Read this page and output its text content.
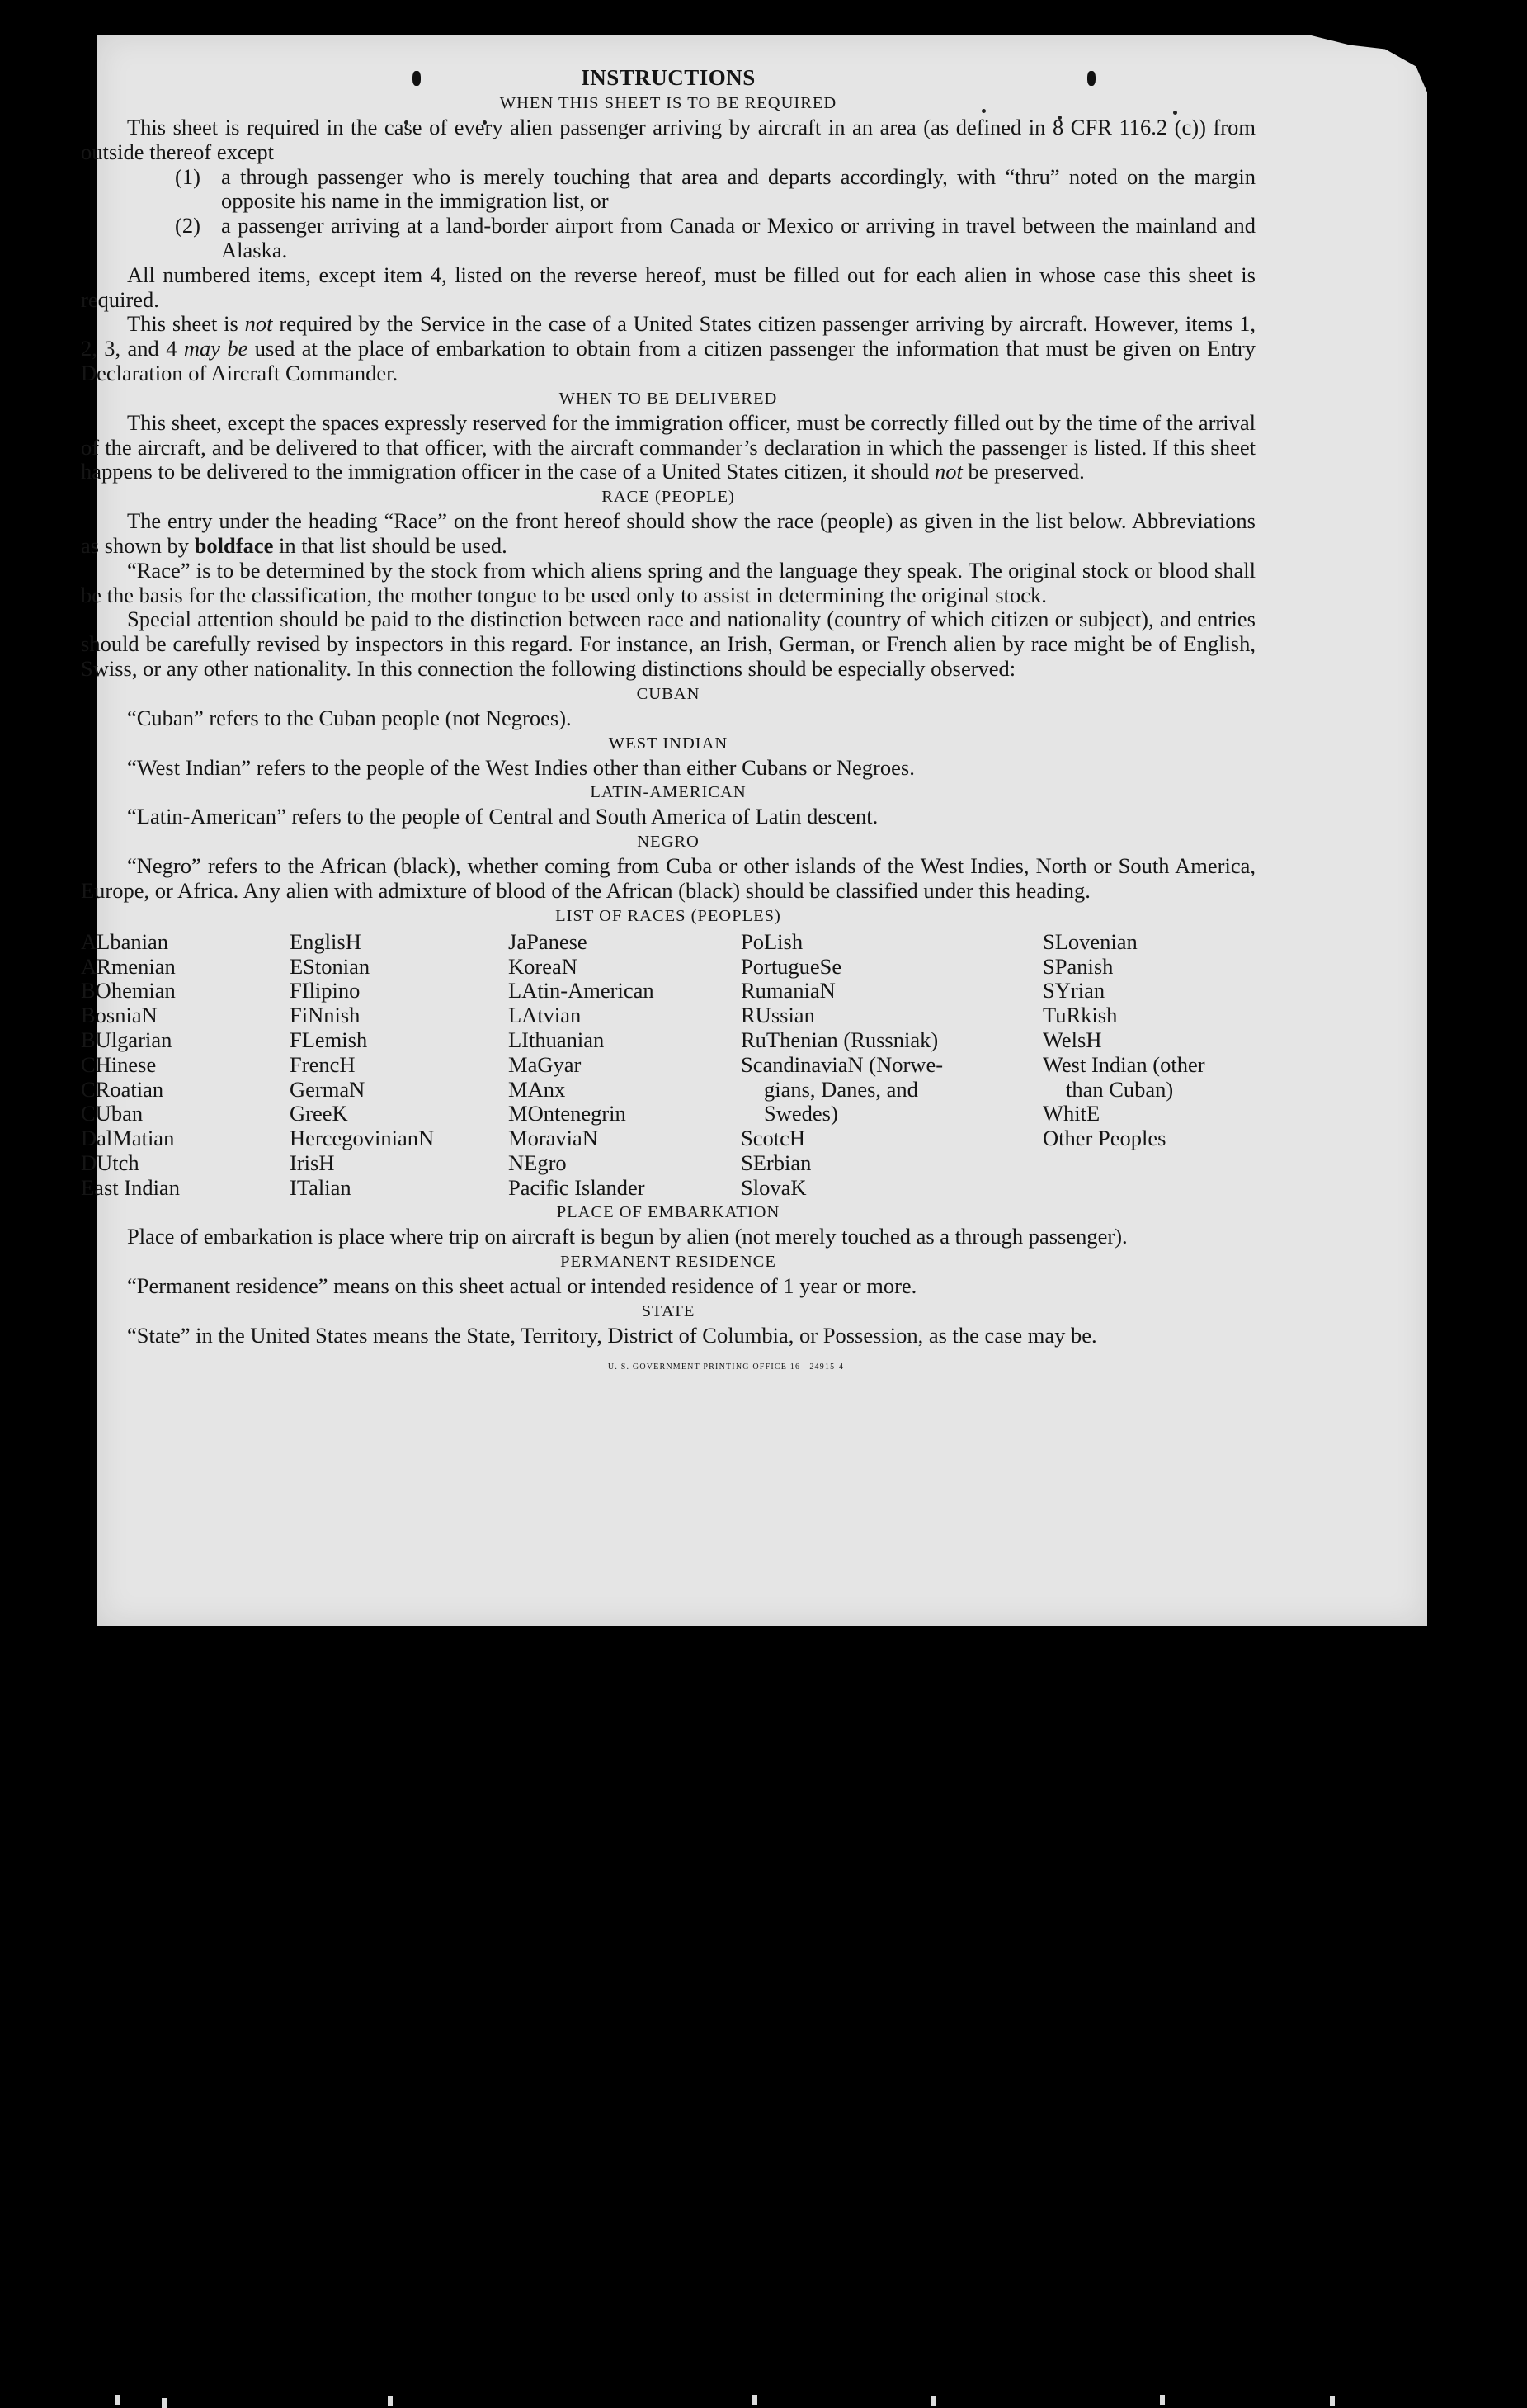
INSTRUCTIONS
WHEN THIS SHEET IS TO BE REQUIRED

This sheet is required in the case of every alien passenger arriving by aircraft in an area (as defined in 8 CFR 116.2 (c)) from outside thereof except

(1) a through passenger who is merely touching that area and departs accordingly, with “thru” noted on the margin opposite his name in the immigration list, or
(2) a passenger arriving at a land-border airport from Canada or Mexico or arriving in travel between the mainland and Alaska.

All numbered items, except item 4, listed on the reverse hereof, must be filled out for each alien in whose case this sheet is required.

This sheet is not required by the Service in the case of a United States citizen passenger arriving by aircraft. However, items 1, 2, 3, and 4 may be used at the place of embarkation to obtain from a citizen passenger the information that must be given on Entry Declaration of Aircraft Commander.

WHEN TO BE DELIVERED

This sheet, except the spaces expressly reserved for the immigration officer, must be correctly filled out by the time of the arrival of the aircraft, and be delivered to that officer, with the aircraft commander’s declaration in which the passenger is listed. If this sheet happens to be delivered to the immigration officer in the case of a United States citizen, it should not be preserved.

RACE (PEOPLE)

The entry under the heading “Race” on the front hereof should show the race (people) as given in the list below. Abbreviations as shown by boldface in that list should be used.

“Race” is to be determined by the stock from which aliens spring and the language they speak. The original stock or blood shall be the basis for the classification, the mother tongue to be used only to assist in determining the original stock.

Special attention should be paid to the distinction between race and nationality (country of which citizen or subject), and entries should be carefully revised by inspectors in this regard. For instance, an Irish, German, or French alien by race might be of English, Swiss, or any other nationality. In this connection the following distinctions should be especially observed:

CUBAN

“Cuban” refers to the Cuban people (not Negroes).

WEST INDIAN

“West Indian” refers to the people of the West Indies other than either Cubans or Negroes.

LATIN-AMERICAN

“Latin-American” refers to the people of Central and South America of Latin descent.

NEGRO

“Negro” refers to the African (black), whether coming from Cuba or other islands of the West Indies, North or South America, Europe, or Africa. Any alien with admixture of blood of the African (black) should be classified under this heading.

LIST OF RACES (PEOPLES)
ALbanian
ARmenian
BOhemian
BosniaN
BUlgarian
CHinese
CRoatian
CUban
DalMatian
DUtch
East Indian
EnglisH
EStonian
FIlipino
FiNnish
FLemish
FrencH
GermaN
GreeK
HercegovinianN
IrisH
ITalian
JaPanese
KoreaN
LAtin-American
LAtvian
LIthuanian
MaGyar
MAnx
MOntenegrin
MoraviaN
NEgro
Pacific Islander
PoLish
PortugueSe
RumaniaN
RUssian
RuThenian (Russniak)
ScandinaviaN (Norwe-
gians, Danes, and
Swedes)
ScotcH
SErbian
SlovaK
SLovenian
SPanish
SYrian
TuRkish
WelsH
West Indian (other
than Cuban)
WhitE
Other Peoples
PLACE OF EMBARKATION

Place of embarkation is place where trip on aircraft is begun by alien (not merely touched as a through passenger).

PERMANENT RESIDENCE

“Permanent residence” means on this sheet actual or intended residence of 1 year or more.

STATE

“State” in the United States means the State, Territory, District of Columbia, or Possession, as the case may be.

U. S. GOVERNMENT PRINTING OFFICE 16—24915-4
